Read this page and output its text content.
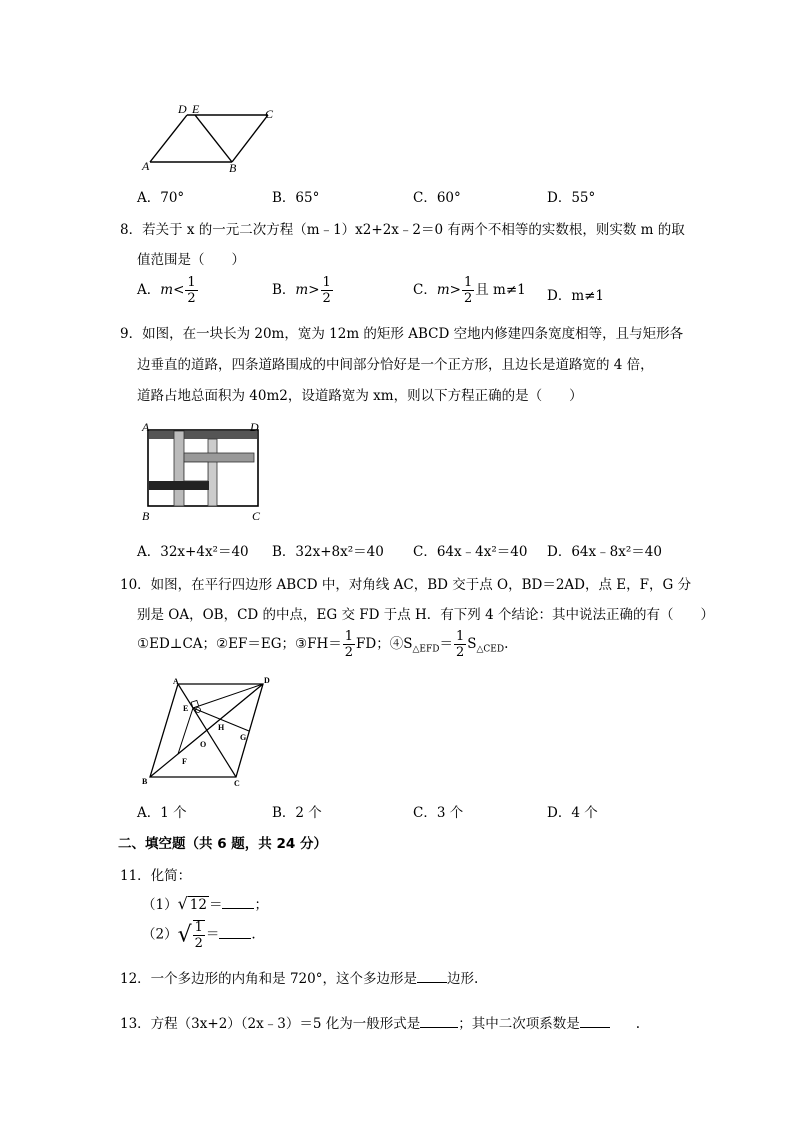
D E	C
A	B
A．70°	B．65°	C．60°	D．55°
8．若关于 x 的一元二次方程（m﹣1）x2+2x﹣2＝0 有两个不相等的实数根，则实数 m 的取
值范围是（　　）
A．$m< \frac{1}{2}$	B．$m> \frac{1}{2}$	C．$m> \frac{1}{2}$ 且 m≠1 D．m≠1
9．如图，在一块长为 20m，宽为 12m 的矩形 ABCD 空地内修建四条宽度相等，且与矩形各
边垂直的道路，四条道路围成的中间部分恰好是一个正方形，且边长是道路宽的 4 倍，
道路占地总面积为 40m2，设道路宽为 xm，则以下方程正确的是（　　）
A	D
B	C
A．32x+4x²＝40 B．32x+8x²＝40 C．64x﹣4x²＝40 D．64x﹣8x²＝40
10．如图，在平行四边形 ABCD 中，对角线 AC，BD 交于点 O，BD＝2AD，点 E，F，G 分
别是 OA，OB，CD 的中点，EG 交 FD 于点 H．有下列 4 个结论：其中说法正确的有（　　）
①ED⊥CA；②EF＝EG；③FH＝ $\frac{1}{2}$ FD；$④S_{\triangle EFD}= \frac{1}{2} S_{\triangle CED}$.
A	D
E
H
O
G
F
B	C
A．1 个	B．2 个	C．3 个	D．4 个
二、填空题（共 6 题，共 24 分）
11．化简：
（1）√ 12 ＝ ；
$(2)√ \frac{1}{2}$ ＝ .
12．一个多边形的内角和是 720°，这个多边形是 边形.
13．方程（3x+2）（2x﹣3）＝5 化为一般形式是	；其中二次项系数是	.
